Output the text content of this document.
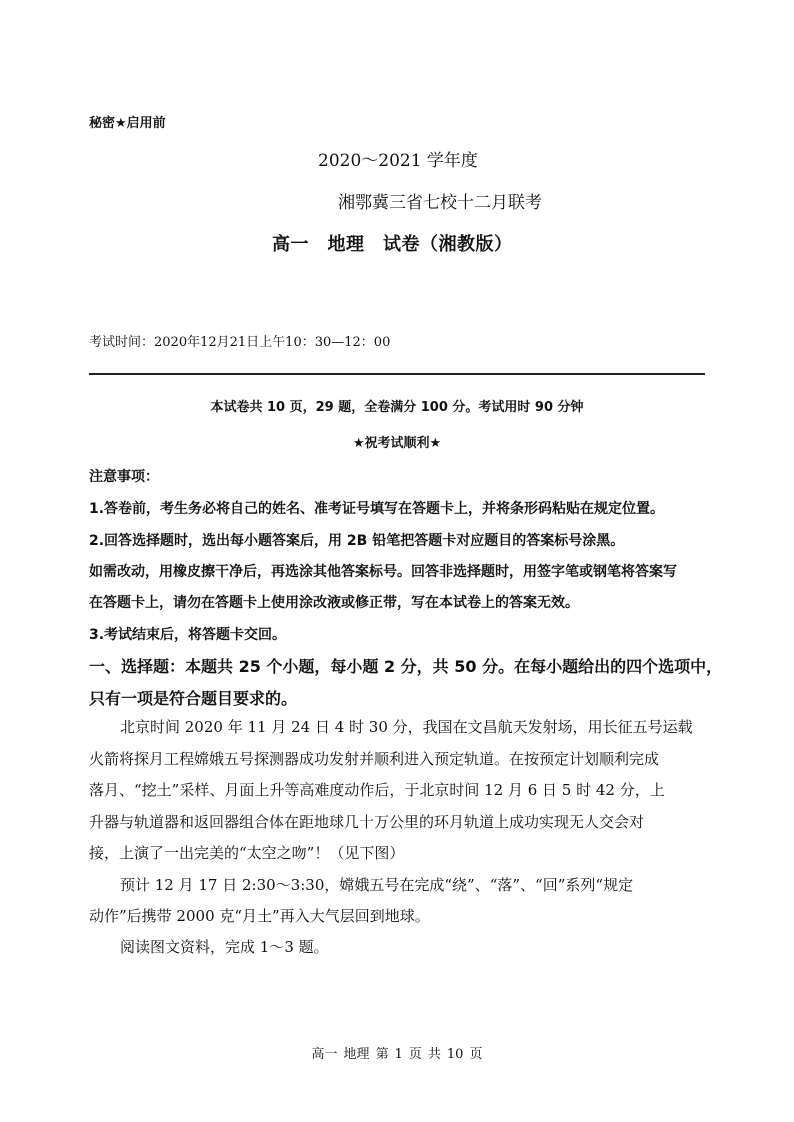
秘密★启用前
2020～2021 学年度
湘鄂冀三省七校十二月联考
高一　地理　试卷（湘教版）
考试时间：2020年12月21日上午10：30—12：00
本试卷共 10 页，29 题，全卷满分 100 分。考试用时 90 分钟
★祝考试顺利★
注意事项：
1.答卷前，考生务必将自己的姓名、准考证号填写在答题卡上，并将条形码粘贴在规定位置。
2.回答选择题时，选出每小题答案后，用 2B 铅笔把答题卡对应题目的答案标号涂黑。
如需改动，用橡皮擦干净后，再选涂其他答案标号。回答非选择题时，用签字笔或钢笔将答案写
在答题卡上，请勿在答题卡上使用涂改液或修正带，写在本试卷上的答案无效。
3.考试结束后，将答题卡交回。
一、选择题：本题共 25 个小题，每小题 2 分，共 50 分。在每小题给出的四个选项中，
只有一项是符合题目要求的。
北京时间 2020 年 11 月 24 日 4 时 30 分，我国在文昌航天发射场，用长征五号运载
火箭将探月工程嫦娥五号探测器成功发射并顺利进入预定轨道。在按预定计划顺利完成
落月、“挖土”采样、月面上升等高难度动作后，于北京时间 12 月 6 日 5 时 42 分，上
升器与轨道器和返回器组合体在距地球几十万公里的环月轨道上成功实现无人交会对
接，上演了一出完美的“太空之吻”！（见下图）
预计 12 月 17 日 2:30～3:30，嫦娥五号在完成“绕”、“落”、“回”系列“规定
动作”后携带 2000 克“月土”再入大气层回到地球。
阅读图文资料，完成 1～3 题。
高一 地理 第 1 页 共 10 页
